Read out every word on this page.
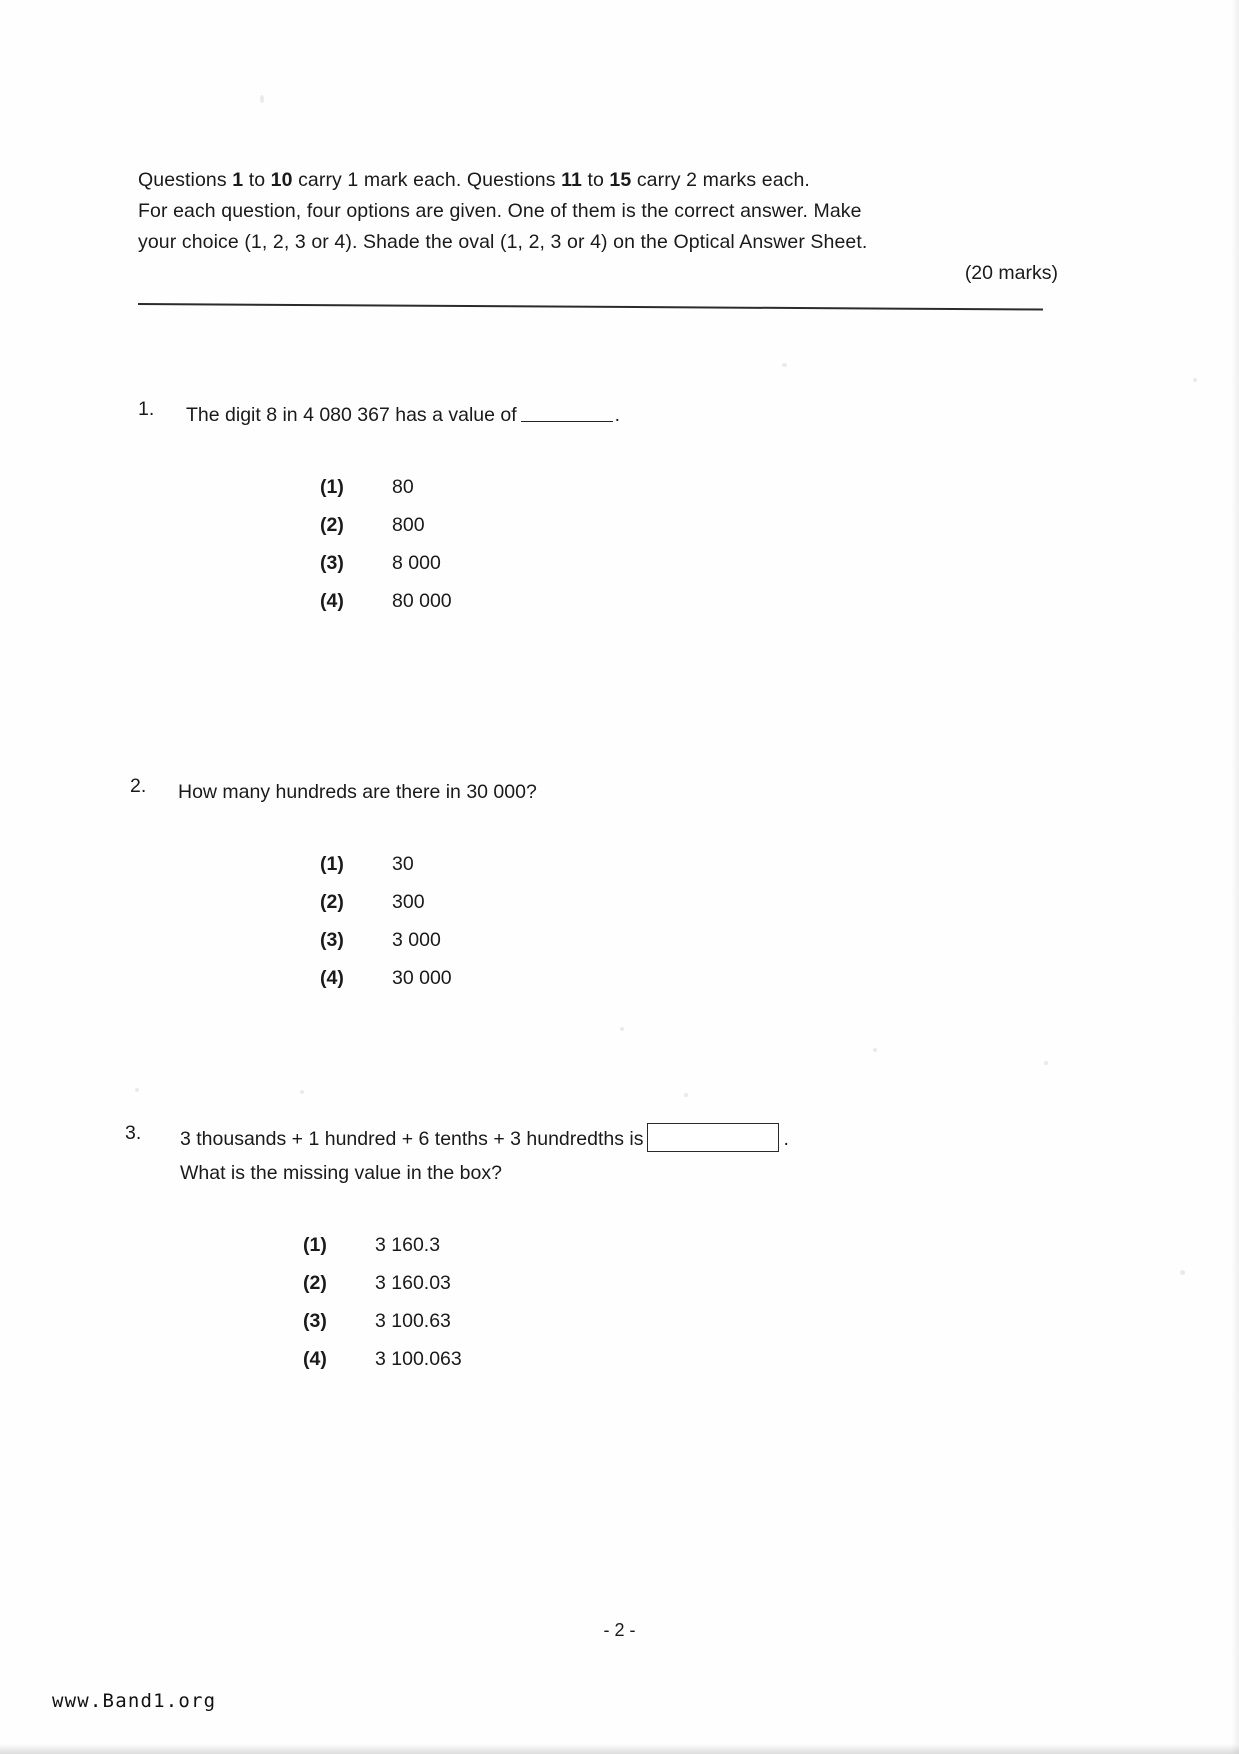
Questions 1 to 10 carry 1 mark each. Questions 11 to 15 carry 2 marks each.
For each question, four options are given. One of them is the correct answer. Make
your choice (1, 2, 3 or 4). Shade the oval (1, 2, 3 or 4) on the Optical Answer Sheet.
(20 marks)
1.	The digit 8 in 4 080 367 has a value of	.
(1)	80
(2)	800
(3)	8 000
(4)	80 000
2.	How many hundreds are there in 30 000?
(1)	30
(2)	300
(3)	3 000
(4)	30 000
3.	3 thousands + 1 hundred + 6 tenths + 3 hundredths is	.
What is the missing value in the box?
(1)	3 160.3
(2)	3 160.03
(3)	3 100.63
(4)	3 100.063
- 2 -
www.Band1.org
